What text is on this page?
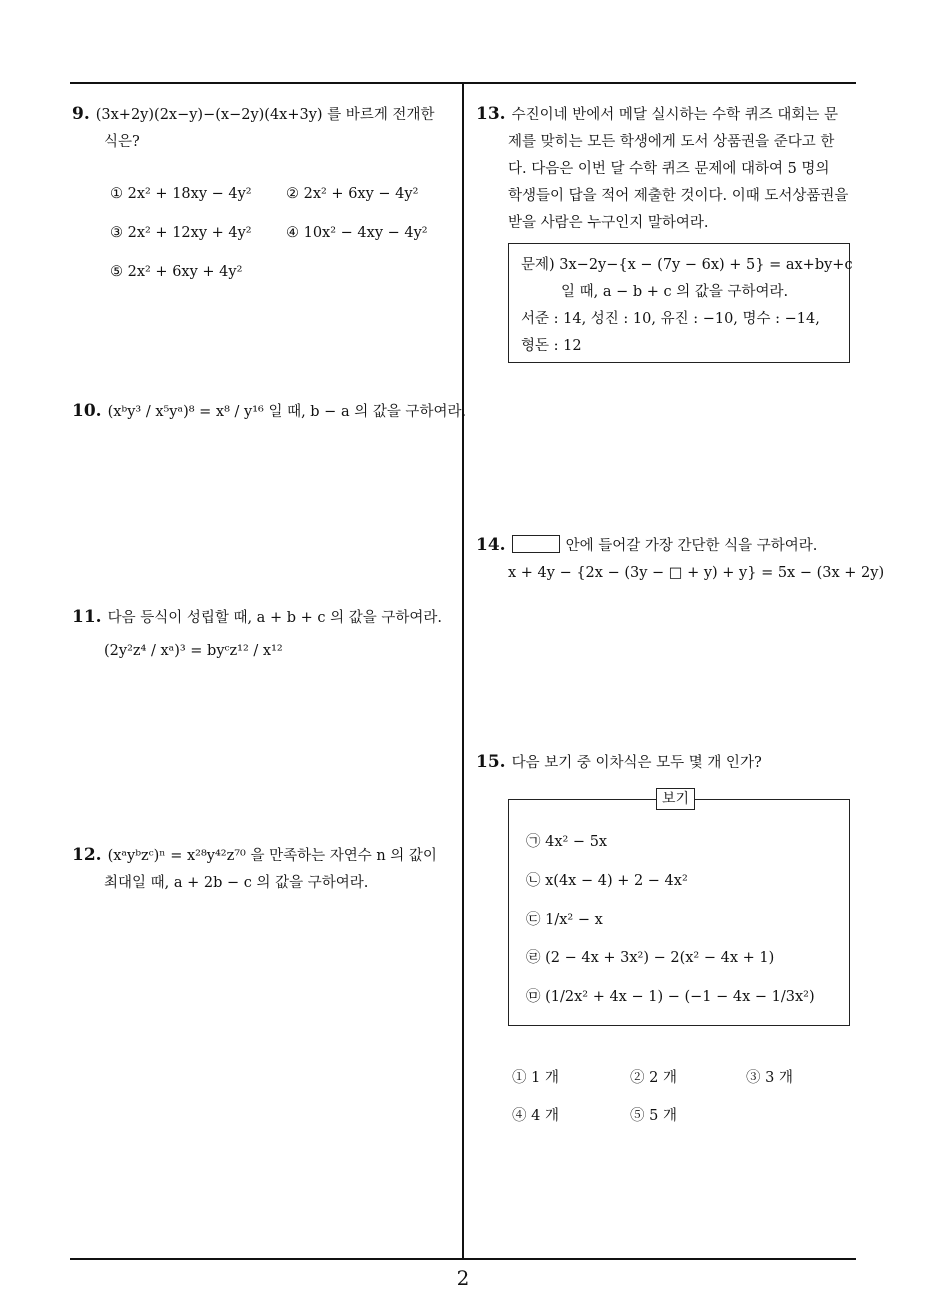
9. (3x+2y)(2x−y)−(x−2y)(4x+3y) 를 바르게 전개한
식은?
① 2x² + 18xy − 4y² ② 2x² + 6xy − 4y²
③ 2x² + 12xy + 4y² ④ 10x² − 4xy − 4y²
⑤ 2x² + 6xy + 4y²
10. (xᵇy³ / x⁵yᵃ)⁸ = x⁸ / y¹⁶ 일 때, b − a 의 값을 구하여라.
11. 다음 등식이 성립할 때, a + b + c 의 값을 구하여라.
(2y²z⁴ / xᵃ)³ = byᶜz¹² / x¹²
12. (xᵃyᵇzᶜ)ⁿ = x²⁸y⁴²z⁷⁰ 을 만족하는 자연수 n 의 값이
최대일 때, a + 2b − c 의 값을 구하여라.
13. 수진이네 반에서 메달 실시하는 수학 퀴즈 대회는 문
제를 맞히는 모든 학생에게 도서 상품권을 준다고 한
다. 다음은 이번 달 수학 퀴즈 문제에 대하여 5 명의
학생들이 답을 적어 제출한 것이다. 이때 도서상품권을
받을 사람은 누구인지 말하여라.
문제) 3x−2y−{x − (7y − 6x) + 5} = ax+by+c
일 때, a − b + c 의 값을 구하여라.
서준 : 14, 성진 : 10, 유진 : −10, 명수 : −14,
형돈 : 12
14.	안에 들어갈 가장 간단한 식을 구하여라.
x + 4y − {2x − (3y − □ + y) + y} = 5x − (3x + 2y)
15. 다음 보기 중 이차식은 모두 몇 개 인가?
보기
㉠ 4x² − 5x
㉡ x(4x − 4) + 2 − 4x²
㉢ 1/x² − x
㉣ (2 − 4x + 3x²) − 2(x² − 4x + 1)
㉤ (1/2x² + 4x − 1) − (−1 − 4x − 1/3x²)
① 1 개	② 2 개	③ 3 개
④ 4 개	⑤ 5 개
2
